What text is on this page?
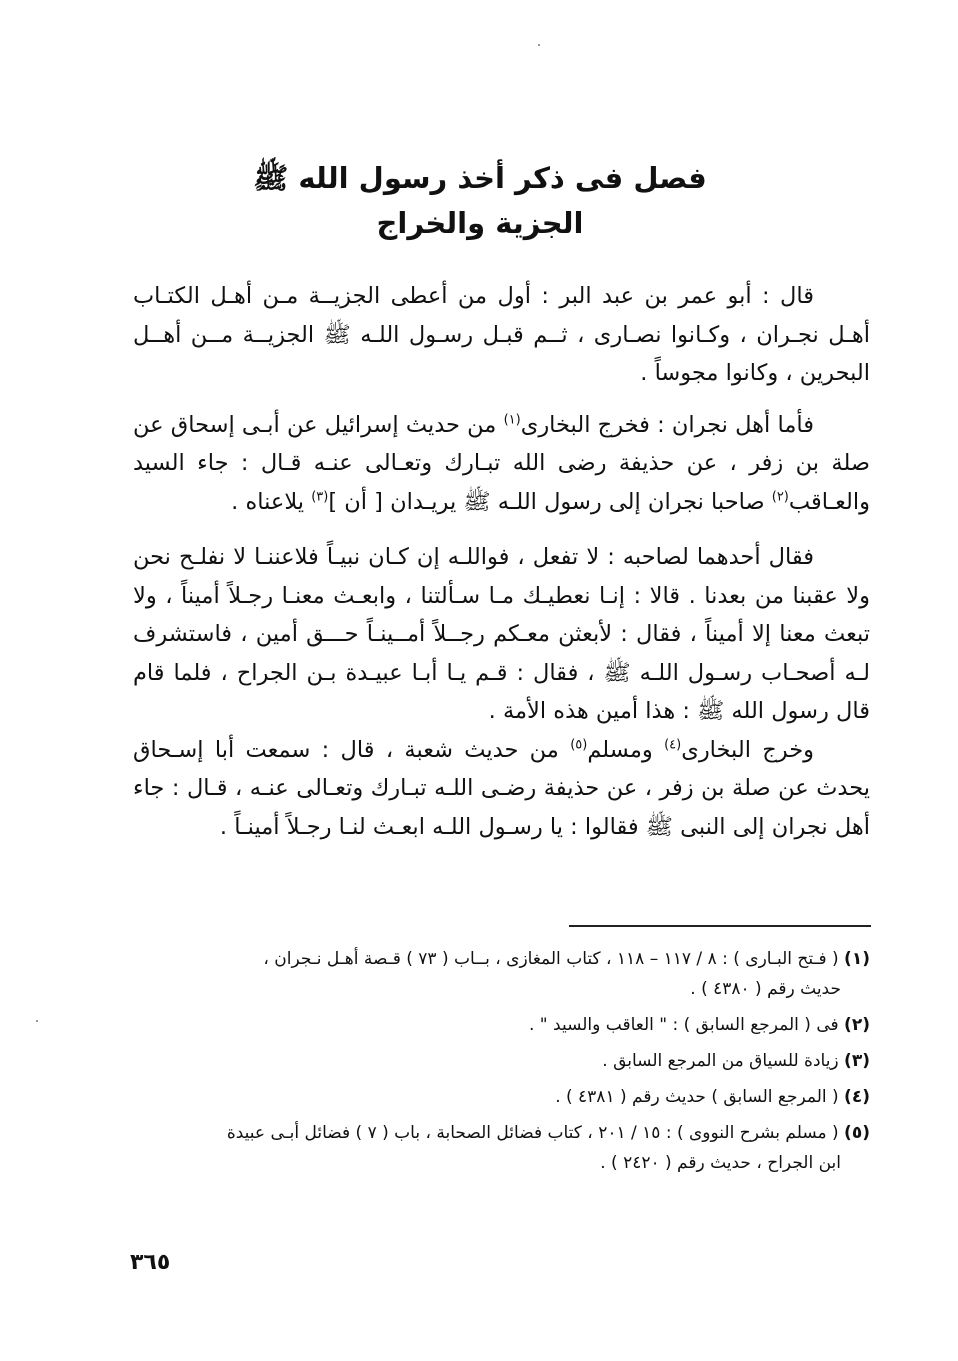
فصل فى ذكر أخذ رسول الله ﷺ
الجزية والخراج

قال : أبو عمر بن عبد البر : أول من أعطى الجزيــة مـن أهـل الكتـاب أهـل نجـران ، وكـانوا نصـارى ، ثــم قبـل رسـول اللـه ﷺ الجزيــة مــن أهــل البحرين ، وكانوا مجوساً .

فأما أهل نجران : فخرج البخارى$^{(١)}$ من حديث إسرائيل عن أبـى إسحاق عن صلة بن زفر ، عن حذيفة رضى الله تبـارك وتعـالى عنـه قـال : جاء السيد والعـاقب$^{(٢)}$ صاحبا نجران إلى رسول اللـه ﷺ يريـدان [ أن ]$^{(٣)}$ يلاعناه .

فقال أحدهما لصاحبه : لا تفعل ، فواللـه إن كـان نبيـاً فلاعننـا لا نفلـح نحن ولا عقبنا من بعدنا . قالا : إنـا نعطيـك مـا سـألتنا ، وابعـث معنـا رجـلاً أميناً ، ولا تبعث معنا إلا أميناً ، فقال : لأبعثن معـكم رجــلاً أمــينـاً حـــق أمين ، فاستشرف لـه أصحـاب رسـول اللـه ﷺ ، فقال : قـم يـا أبـا عبيـدة بـن الجراح ، فلما قام قال رسول الله ﷺ : هذا أمين هذه الأمة .

وخرج البخارى$^{(٤)}$ ومسلم$^{(٥)}$ من حديث شعبة ، قال : سمعت أبا إسـحاق يحدث عن صلة بن زفر ، عن حذيفة رضـى اللـه تبـارك وتعـالى عنـه ، قـال : جاء أهل نجران إلى النبى ﷺ فقالوا : يا رسـول اللـه ابعـث لنـا رجـلاً أمينـاً .

(١) ( فـتح البـارى ) : ٨ / ١١٧ – ١١٨ ، كتاب المغازى ، بــاب ( ٧٣ ) قـصة أهـل نـجران ،
حديث رقم ( ٤٣٨٠ ) .

(٢) فى ( المرجع السابق ) : " العاقب والسيد " .

(٣) زيادة للسياق من المرجع السابق .

(٤) ( المرجع السابق ) حديث رقم ( ٤٣٨١ ) .

(٥) ( مسلم بشرح النووى ) : ١٥ / ٢٠١ ، كتاب فضائل الصحابة ، باب ( ٧ ) فضائل أبـى عبيدة
ابن الجراح ، حديث رقم ( ٢٤٢٠ ) .

٣٦٥
